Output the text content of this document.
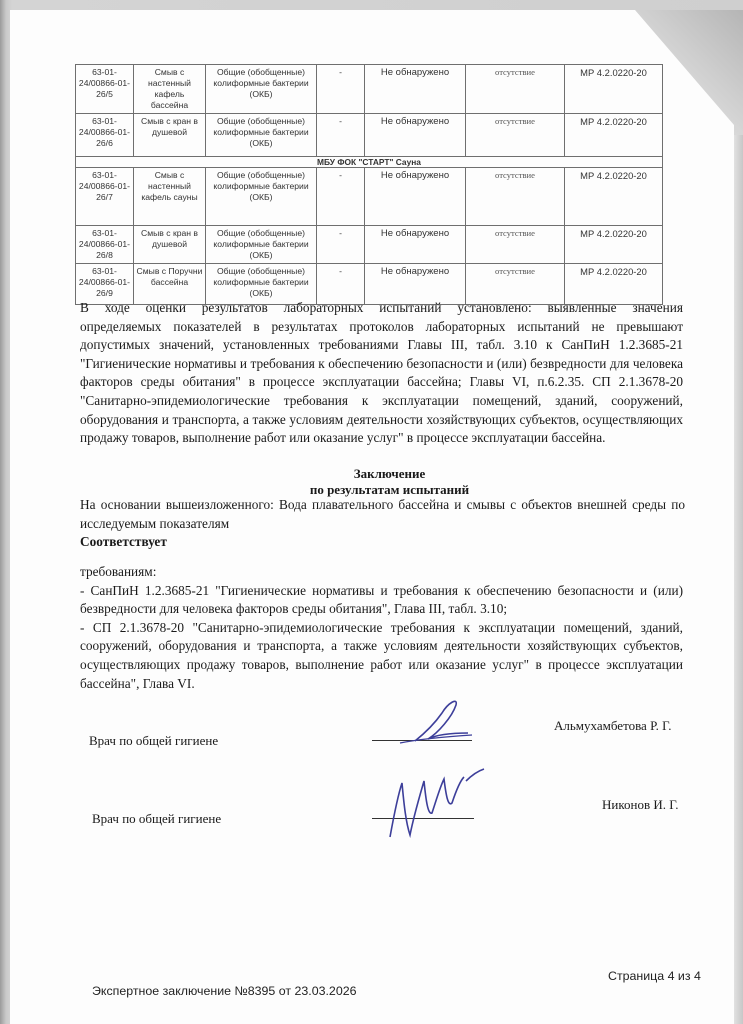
63-01-24/00866-01-26/5	Смыв с настенный кафель бассейна	Общие (обобщенные) колиформные бактерии (ОКБ)	-	Не обнаружено	отсутствие	МР 4.2.0220-20
63-01-24/00866-01-26/6	Смыв с кран в душевой	Общие (обобщенные) колиформные бактерии (ОКБ)	-	Не обнаружено	отсутствие	МР 4.2.0220-20
МБУ ФОК "СТАРТ" Сауна						
63-01-24/00866-01-26/7	Смыв с настенный кафель сауны	Общие (обобщенные) колиформные бактерии (ОКБ)	-	Не обнаружено	отсутствие	МР 4.2.0220-20
63-01-24/00866-01-26/8	Смыв с кран в душевой	Общие (обобщенные) колиформные бактерии (ОКБ)	-	Не обнаружено	отсутствие	МР 4.2.0220-20
63-01-24/00866-01-26/9	Смыв с Поручни бассейна	Общие (обобщенные) колиформные бактерии (ОКБ)	-	Не обнаружено	отсутствие	МР 4.2.0220-20
В ходе оценки результатов лабораторных испытаний установлено: выявленные значения
определяемых показателей в результатах протоколов лабораторных испытаний не превышают допустимых значений, установленных требованиями Главы III, табл. 3.10 к СанПиН 1.2.3685-21 "Гигиенические нормативы и требования к обеспечению безопасности и (или) безвредности для человека факторов среды обитания" в процессе эксплуатации бассейна; Главы VI, п.6.2.35. СП 2.1.3678-20 "Санитарно-эпидемиологические требования к эксплуатации помещений, зданий, сооружений, оборудования и транспорта, а также условиям деятельности хозяйствующих субъектов, осуществляющих продажу товаров, выполнение работ или оказание услуг" в процессе эксплуатации бассейна.
Заключение
по результатам испытаний
На основании вышеизложенного: Вода плавательного бассейна и смывы с объектов внешней среды по исследуемым показателям
Соответствует
требованиям:
- СанПиН 1.2.3685-21 "Гигиенические нормативы и требования к обеспечению безопасности и (или) безвредности для человека факторов среды обитания", Глава III, табл. 3.10;
- СП 2.1.3678-20 "Санитарно-эпидемиологические требования к эксплуатации помещений, зданий, сооружений, оборудования и транспорта, а также условиям деятельности хозяйствующих субъектов, осуществляющих продажу товаров, выполнение работ или оказание услуг" в процессе эксплуатации бассейна", Глава VI.
Врач по общей гигиене
Альмухамбетова Р. Г.
Врач по общей гигиене
Никонов И. Г.
Экспертное заключение №8395 от 23.03.2026
Страница 4 из 4
